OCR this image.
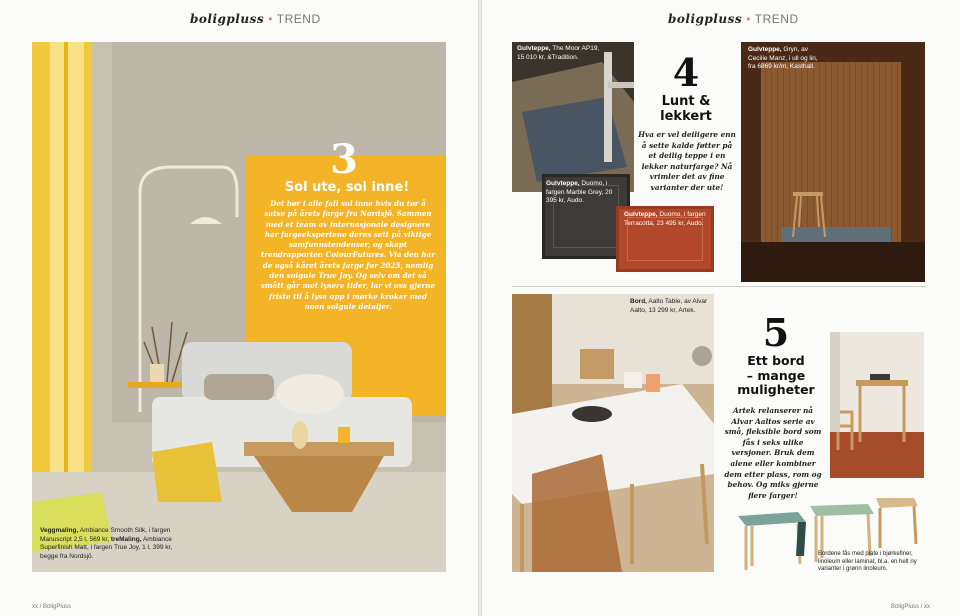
boligpluss • TREND
3
Sol ute, sol inne!
Det bør i alle fall sol inne hvis du tør å satse på årets farge fra Nordsjö. Sammen med et team av internasjonale designere har fargeekspertene deres sett på viktige samfunnstendenser, og skapt trendrapporten ColourFutures. Via den har de også kåret årets farge for 2025, nemlig den solgule True Joy. Og selv om det så smått går mot lysere tider, lar vi oss gjerne friste til å lyse opp i mørke kroker med noen solgule detaljer.
Veggmaling, Ambiance Smooth Silk, i fargen Manuscript 2,5 l, 569 kr, treMaling, Ambiance Superfinish Matt, i fargen True Joy, 1 l, 399 kr, begge fra Nordsjö.
xx / BoligPluss
boligpluss • TREND
Gulvteppe, The Moor AP19, 15 010 kr, &Tradition.
Gulvteppe, Duomo, i fargen Marble Grey, 20 395 kr, Audo.
Gulvteppe, Duomo, i fargen Terracotta, 23 495 kr, Audo.
4
Lunt &
lekkert
Hva er vel deiligere enn å sette kalde føtter på et deilig teppe i en lekker naturfarge? Nå vrimler det av fine varianter der ute!
Gulvteppe, Gryn, av Cecilie Manz, i ull og lin, fra 6869 kr/m, Kasthall.
Bord, Aalto Table, av Alvar Aalto, 13 299 kr, Artek.	5
Ett bord
– mange
muligheter
Artek relanserer nå Alvar Aaltos serie av små, fleksible bord som fås i seks ulike versjoner. Bruk dem alene eller kombiner dem etter plass, rom og behov. Og miks gjerne flere farger!
Bordene fås med plate i bjørkefiner, linoleum eller laminat, bl.a. en helt ny varianter i grønn linoleum.
BoligPluss / xx
